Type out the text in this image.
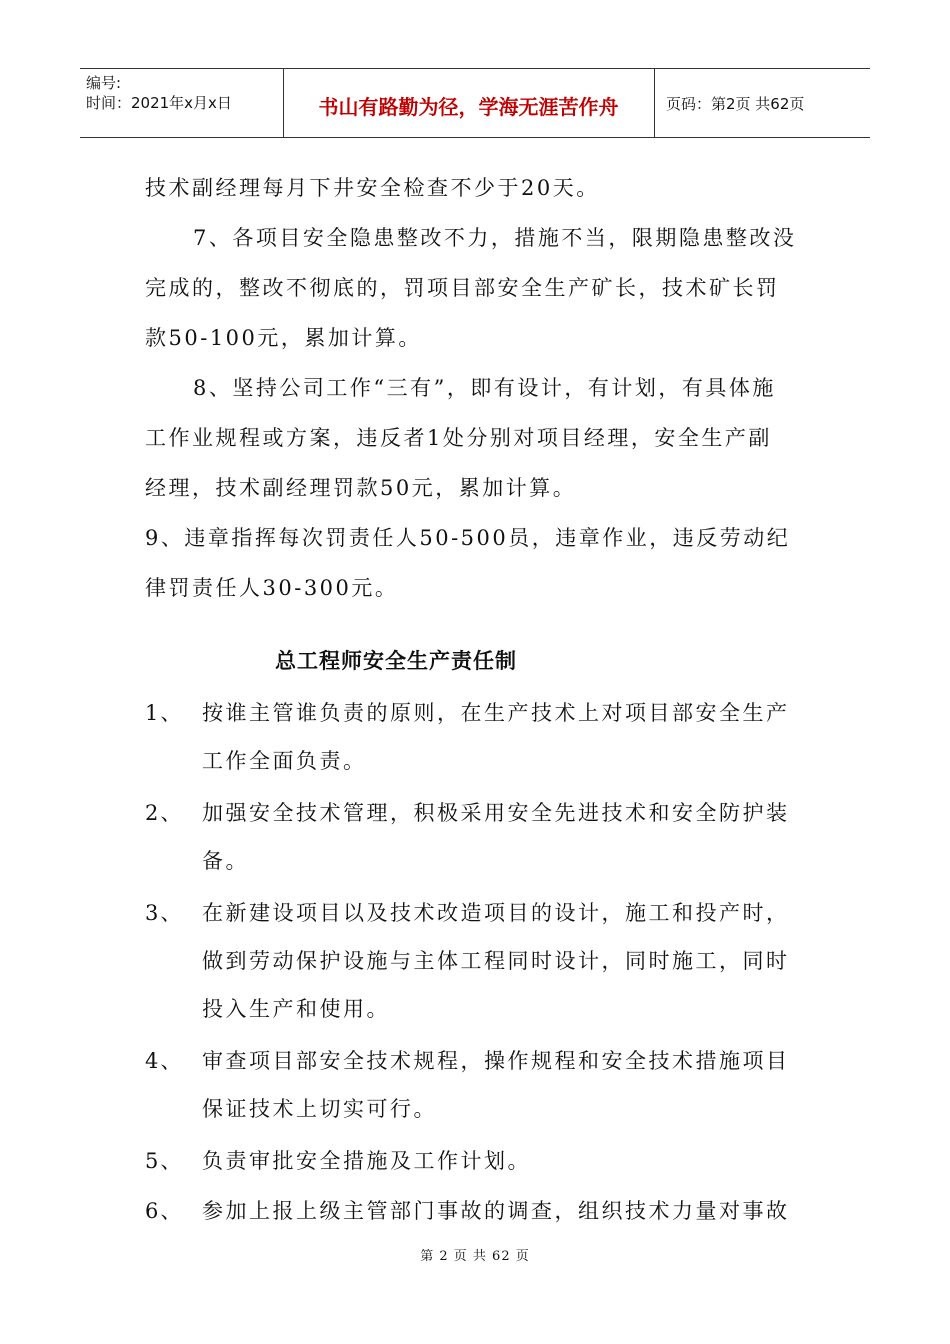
编号:
时间：2021年x月x日	书山有路勤为径，学海无涯苦作舟	页码：第2页 共62页
技术副经理每月下井安全检查不少于20天。
7、各项目安全隐患整改不力，措施不当，限期隐患整改没
完成的，整改不彻底的，罚项目部安全生产矿长，技术矿长罚
款50-100元，累加计算。
8、坚持公司工作“三有”，即有设计，有计划，有具体施
工作业规程或方案，违反者1处分别对项目经理，安全生产副
经理，技术副经理罚款50元，累加计算。
9、违章指挥每次罚责任人50-500员，违章作业，违反劳动纪
律罚责任人30-300元。
总工程师安全生产责任制
1、 按谁主管谁负责的原则，在生产技术上对项目部安全生产
工作全面负责。
2、 加强安全技术管理，积极采用安全先进技术和安全防护装
备。
3、 在新建设项目以及技术改造项目的设计，施工和投产时，
做到劳动保护设施与主体工程同时设计，同时施工，同时
投入生产和使用。
4、 审查项目部安全技术规程，操作规程和安全技术措施项目
保证技术上切实可行。
5、 负责审批安全措施及工作计划。
6、 参加上报上级主管部门事故的调查，组织技术力量对事故
第 2 页 共 62 页
